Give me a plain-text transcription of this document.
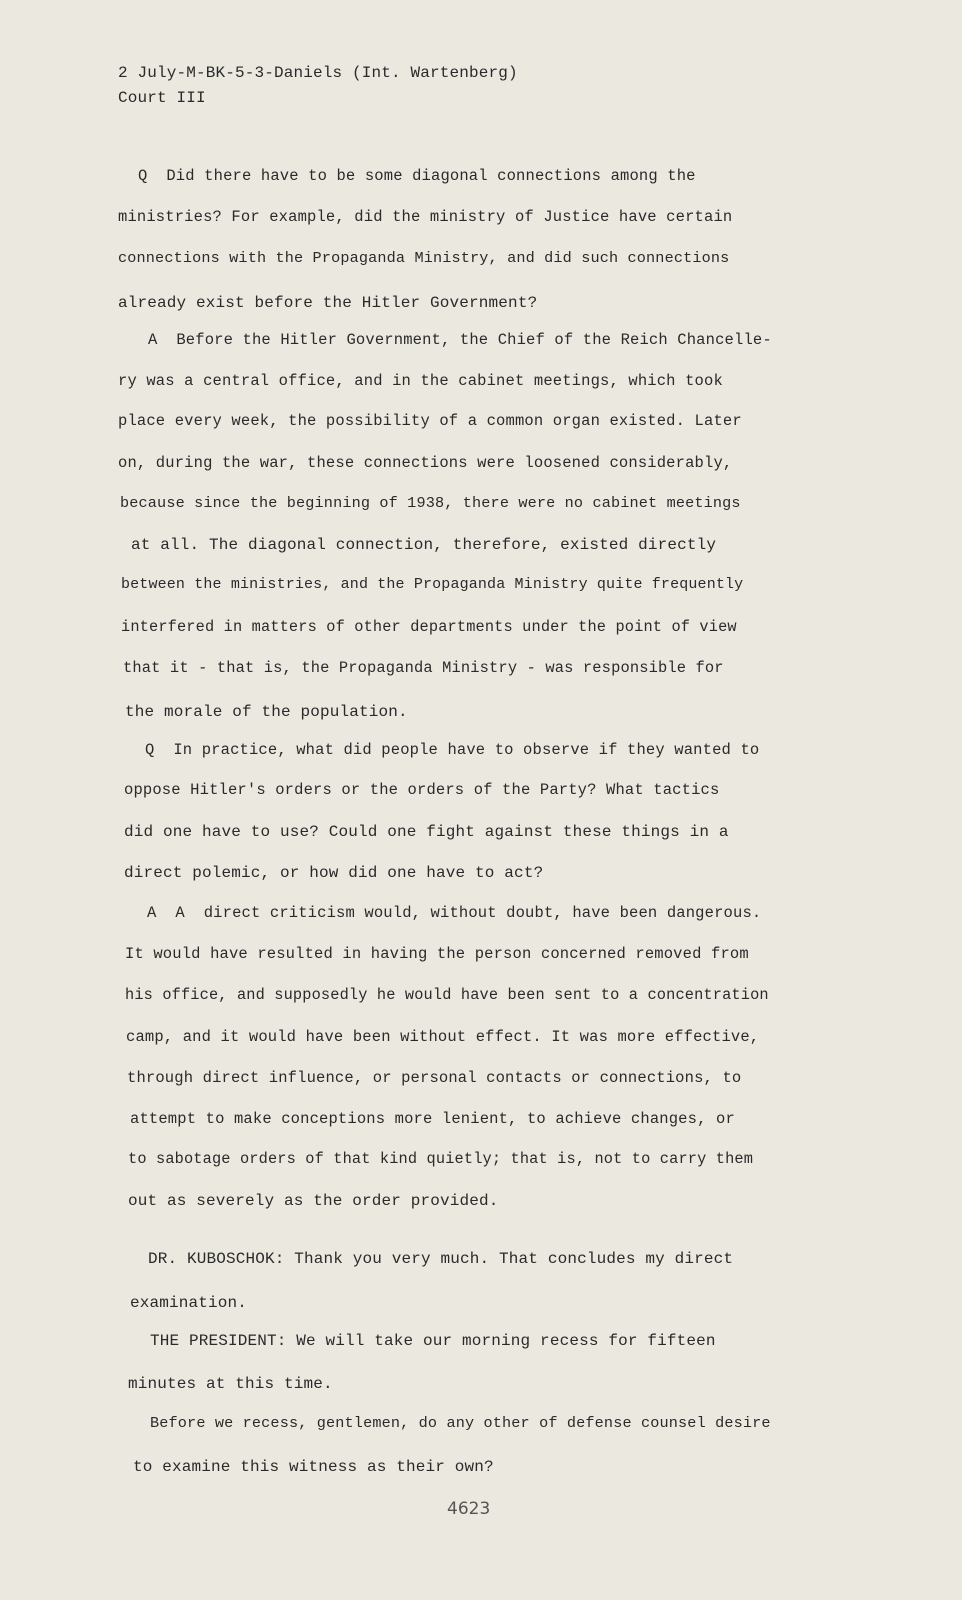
2 July-M-BK-5-3-Daniels (Int. Wartenberg)

Court III

Q  Did there have to be some diagonal connections among the

ministries? For example, did the ministry of Justice have certain

connections with the Propaganda Ministry, and did such connections

already exist before the Hitler Government?

A  Before the Hitler Government, the Chief of the Reich Chancelle-

ry was a central office, and in the cabinet meetings, which took

place every week, the possibility of a common organ existed. Later

on, during the war, these connections were loosened considerably,

because since the beginning of 1938, there were no cabinet meetings

at all. The diagonal connection, therefore, existed directly

between the ministries, and the Propaganda Ministry quite frequently

interfered in matters of other departments under the point of view

that it - that is, the Propaganda Ministry - was responsible for

the morale of the population.

Q  In practice, what did people have to observe if they wanted to

oppose Hitler's orders or the orders of the Party? What tactics

did one have to use? Could one fight against these things in a

direct polemic, or how did one have to act?

A  A  direct criticism would, without doubt, have been dangerous.

It would have resulted in having the person concerned removed from

his office, and supposedly he would have been sent to a concentration

camp, and it would have been without effect. It was more effective,

through direct influence, or personal contacts or connections, to

attempt to make conceptions more lenient, to achieve changes, or

to sabotage orders of that kind quietly; that is, not to carry them

out as severely as the order provided.

DR. KUBOSCHOK: Thank you very much. That concludes my direct

examination.

THE PRESIDENT: We will take our morning recess for fifteen

minutes at this time.

Before we recess, gentlemen, do any other of defense counsel desire

to examine this witness as their own?

4623
